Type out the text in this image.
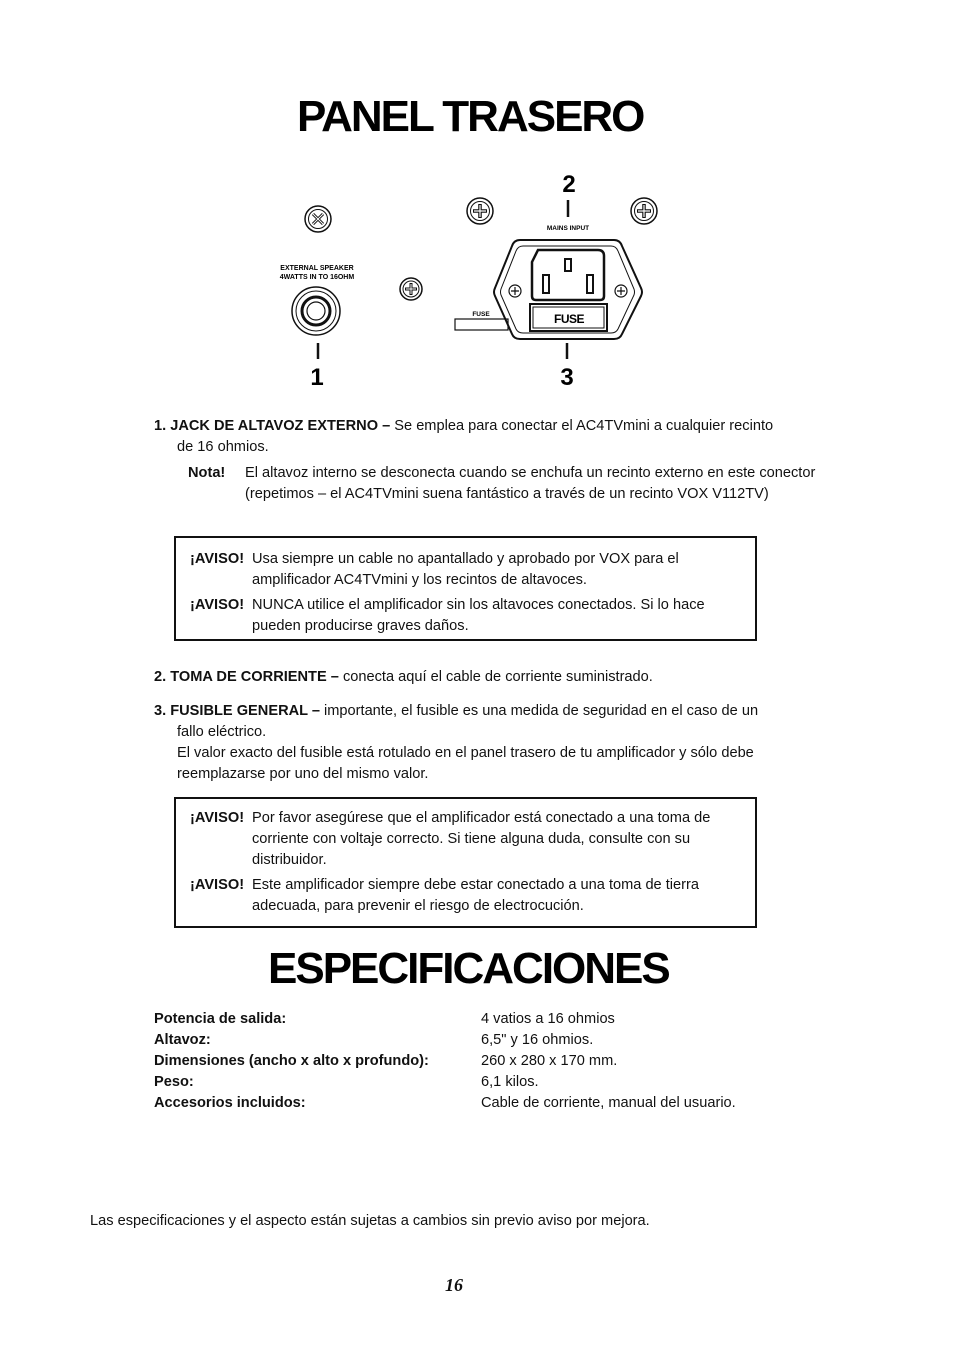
PANEL TRASERO
EXTERNAL SPEAKER
4WATTS IN TO 16OHM
1
2
MAINS INPUT
FUSE
FUSE
3
1. JACK DE ALTAVOZ EXTERNO – Se emplea para conectar el AC4TVmini a cualquier recinto
de 16 ohmios.
Nota! El altavoz interno se desconecta cuando se enchufa un recinto externo en este conector (repetimos – el AC4TVmini suena fantástico a través de un recinto VOX V112TV)
¡AVISO! Usa siempre un cable no apantallado y aprobado por VOX para el amplificador AC4TVmini y los recintos de altavoces.
¡AVISO! NUNCA utilice el amplificador sin los altavoces conectados. Si lo hace pueden producirse graves daños.
2. TOMA DE CORRIENTE – conecta aquí el cable de corriente suministrado.
3. FUSIBLE GENERAL – importante, el fusible es una medida de seguridad en el caso de un
fallo eléctrico.
El valor exacto del fusible está rotulado en el panel trasero de tu amplificador y sólo debe
reemplazarse por uno del mismo valor.
¡AVISO! Por favor asegúrese que el amplificador está conectado a una toma de corriente con voltaje correcto. Si tiene alguna duda, consulte con su distribuidor.
¡AVISO! Este amplificador siempre debe estar conectado a una toma de tierra adecuada, para prevenir el riesgo de electrocución.
ESPECIFICACIONES
Potencia de salida:	4 vatios a 16 ohmios
Altavoz:	6,5" y 16 ohmios.
Dimensiones (ancho x alto x profundo):	260 x 280 x 170 mm.
Peso:	6,1 kilos.
Accesorios incluidos:	Cable de corriente, manual del usuario.
Las especificaciones y el aspecto están sujetas a cambios sin previo aviso por mejora.
16
